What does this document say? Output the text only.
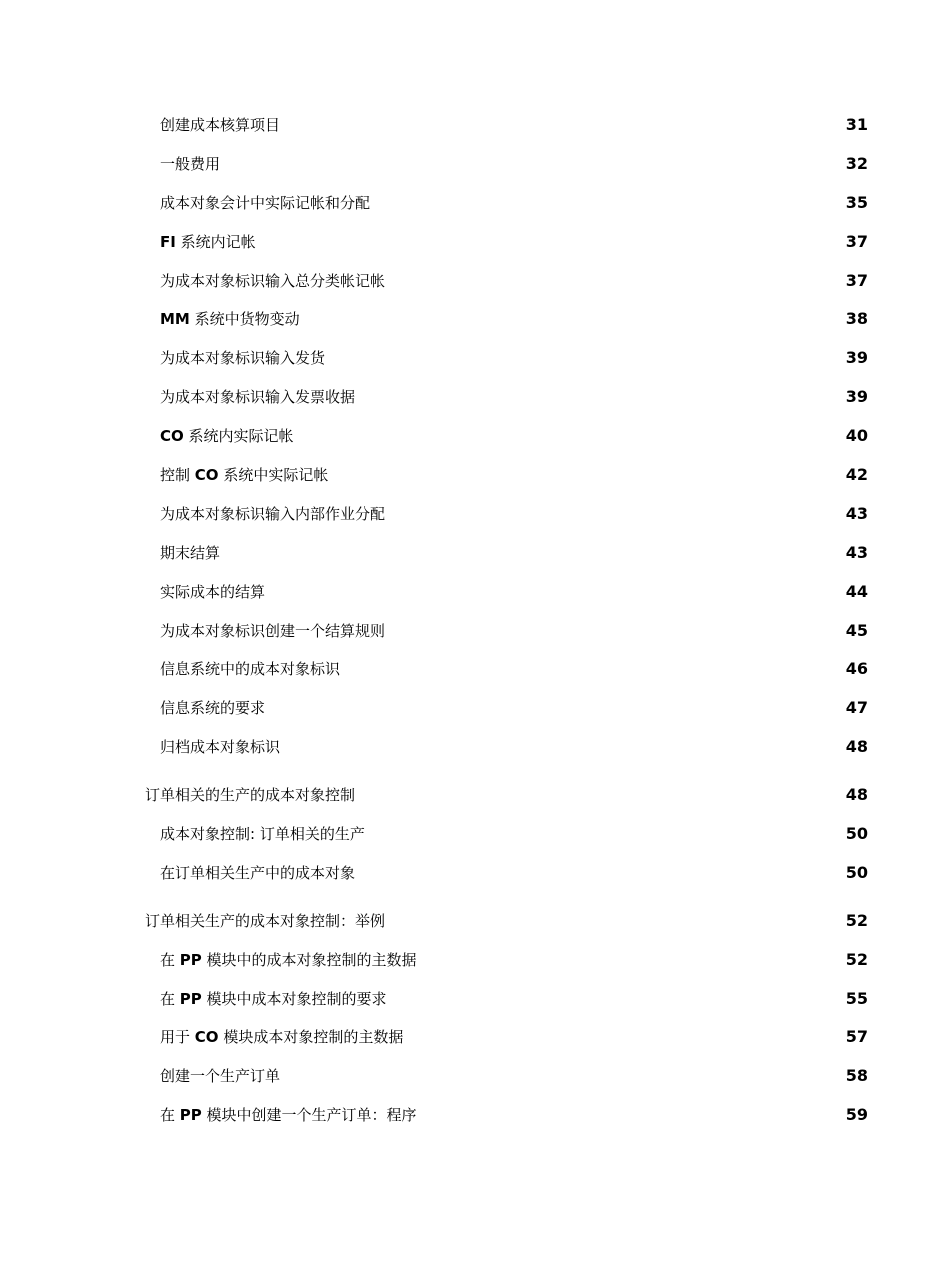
创建成本核算项目	31
一般费用	32
成本对象会计中实际记帐和分配	35
FI 系统内记帐	37
为成本对象标识输入总分类帐记帐	37
MM 系统中货物变动	38
为成本对象标识输入发货	39
为成本对象标识输入发票收据	39
CO 系统内实际记帐	40
控制 CO 系统中实际记帐	42
为成本对象标识输入内部作业分配	43
期末结算	43
实际成本的结算	44
为成本对象标识创建一个结算规则	45
信息系统中的成本对象标识	46
信息系统的要求	47
归档成本对象标识	48
订单相关的生产的成本对象控制	48
成本对象控制: 订单相关的生产	50
在订单相关生产中的成本对象	50
订单相关生产的成本对象控制：举例	52
在 PP 模块中的成本对象控制的主数据	52
在 PP 模块中成本对象控制的要求	55
用于 CO 模块成本对象控制的主数据	57
创建一个生产订单	58
在 PP 模块中创建一个生产订单：程序	59
